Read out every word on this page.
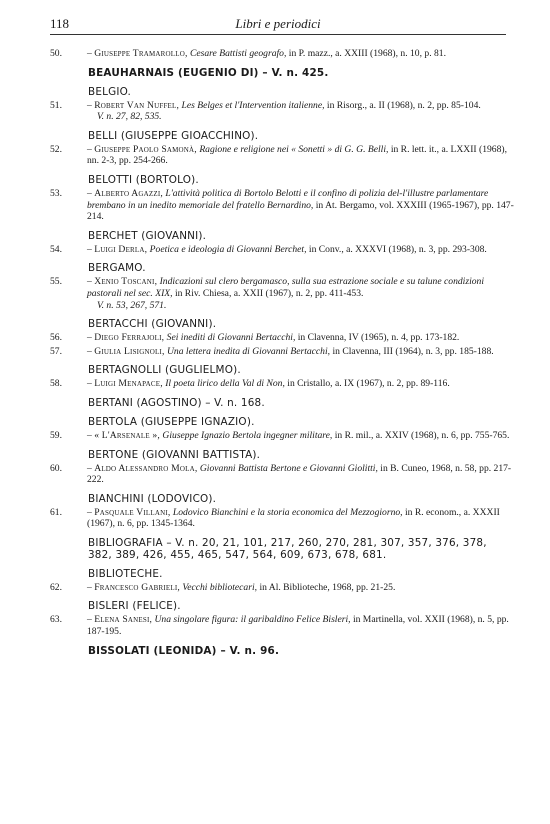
118	Libri e periodici
50.	– Giuseppe Tramarollo, Cesare Battisti geografo, in P. mazz., a. XXIII (1968), n. 10, p. 81.
BEAUHARNAIS (EUGENIO DI) – V. n. 425.
BELGIO.
51.	– Robert Van Nuffel, Les Belges et l'Intervention italienne, in Risorg., a. II (1968), n. 2, pp. 85-104.
V. n. 27, 82, 535.
BELLI (GIUSEPPE GIOACCHINO).
52.	– Giuseppe Paolo Samonà, Ragione e religione nei « Sonetti » di G. G. Belli, in R. lett. it., a. LXXII (1968), nn. 2-3, pp. 254-266.
BELOTTI (BORTOLO).
53.	– Alberto Agazzi, L'attività politica di Bortolo Belotti e il confino di polizia del-l'illustre parlamentare brembano in un inedito memoriale del fratello Bernardino, in At. Bergamo, vol. XXXIII (1965-1967), pp. 147-214.
BERCHET (GIOVANNI).
54.	– Luigi Derla, Poetica e ideologia di Giovanni Berchet, in Conv., a. XXXVI (1968), n. 3, pp. 293-308.
BERGAMO.
55.	– Xenio Toscani, Indicazioni sul clero bergamasco, sulla sua estrazione sociale e su talune condizioni pastorali nel sec. XIX, in Riv. Chiesa, a. XXII (1967), n. 2, pp. 411-453.
V. n. 53, 267, 571.
BERTACCHI (GIOVANNI).
56.	– Diego Ferrajoli, Sei inediti di Giovanni Bertacchi, in Clavenna, IV (1965), n. 4, pp. 173-182.
57.	– Giulia Lisignoli, Una lettera inedita di Giovanni Bertacchi, in Clavenna, III (1964), n. 3, pp. 185-188.
BERTAGNOLLI (GUGLIELMO).
58.	– Luigi Menapace, Il poeta lirico della Val di Non, in Cristallo, a. IX (1967), n. 2, pp. 89-116.
BERTANI (AGOSTINO) – V. n. 168.
BERTOLA (GIUSEPPE IGNAZIO).
59.	– « L'Arsenale », Giuseppe Ignazio Bertola ingegner militare, in R. mil., a. XXIV (1968), n. 6, pp. 755-765.
BERTONE (GIOVANNI BATTISTA).
60.	– Aldo Alessandro Mola, Giovanni Battista Bertone e Giovanni Giolitti, in B. Cuneo, 1968, n. 58, pp. 217-222.
BIANCHINI (LODOVICO).
61.	– Pasquale Villani, Lodovico Bianchini e la storia economica del Mezzogiorno, in R. econom., a. XXXII (1967), n. 6, pp. 1345-1364.
BIBLIOGRAFIA – V. n. 20, 21, 101, 217, 260, 270, 281, 307, 357, 376, 378, 382, 389, 426, 455, 465, 547, 564, 609, 673, 678, 681.
BIBLIOTECHE.
62.	– Francesco Gabrieli, Vecchi bibliotecari, in Al. Biblioteche, 1968, pp. 21-25.
BISLERI (FELICE).
63.	– Elena Sanesi, Una singolare figura: il garibaldino Felice Bisleri, in Martinella, vol. XXII (1968), n. 5, pp. 187-195.
BISSOLATI (LEONIDA) – V. n. 96.
